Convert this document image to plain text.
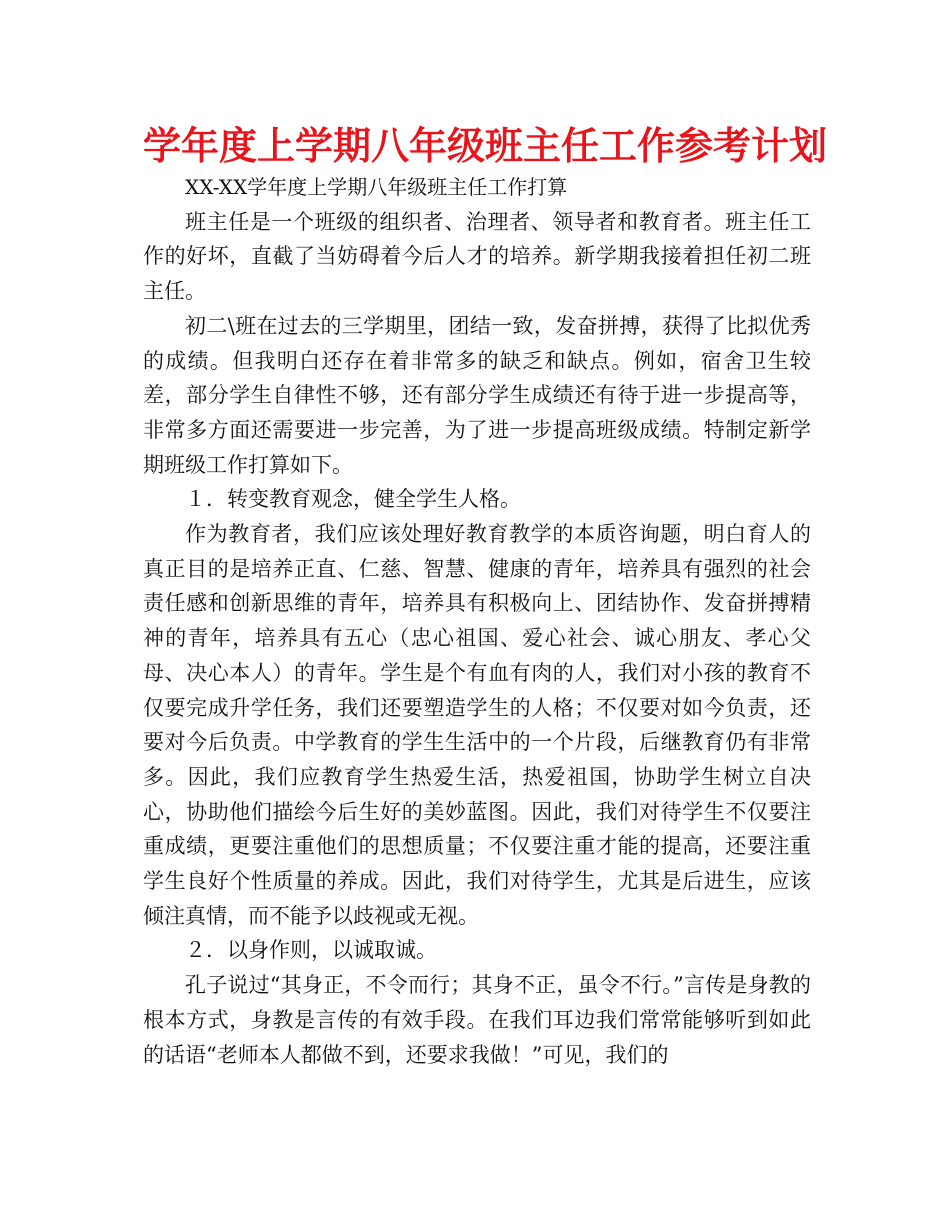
学年度上学期八年级班主任工作参考计划

XX-XX学年度上学期八年级班主任工作打算

班主任是一个班级的组织者、治理者、领导者和教育者。班主任工作的好坏，直截了当妨碍着今后人才的培养。新学期我接着担任初二班主任。

初二\班在过去的三学期里，团结一致，发奋拼搏，获得了比拟优秀的成绩。但我明白还存在着非常多的缺乏和缺点。例如，宿舍卫生较差，部分学生自律性不够，还有部分学生成绩还有待于进一步提高等，非常多方面还需要进一步完善，为了进一步提高班级成绩。特制定新学期班级工作打算如下。

１．转变教育观念，健全学生人格。

作为教育者，我们应该处理好教育教学的本质咨询题，明白育人的真正目的是培养正直、仁慈、智慧、健康的青年，培养具有强烈的社会责任感和创新思维的青年，培养具有积极向上、团结协作、发奋拼搏精神的青年，培养具有五心（忠心祖国、爱心社会、诚心朋友、孝心父母、决心本人）的青年。学生是个有血有肉的人，我们对小孩的教育不仅要完成升学任务，我们还要塑造学生的人格；不仅要对如今负责，还要对今后负责。中学教育的学生生活中的一个片段，后继教育仍有非常多。因此，我们应教育学生热爱生活，热爱祖国，协助学生树立自决心，协助他们描绘今后生好的美妙蓝图。因此，我们对待学生不仅要注重成绩，更要注重他们的思想质量；不仅要注重才能的提高，还要注重学生良好个性质量的养成。因此，我们对待学生，尤其是后进生，应该倾注真情，而不能予以歧视或无视。

２．以身作则，以诚取诚。

孔子说过“其身正，不令而行；其身不正，虽令不行。”言传是身教的根本方式，身教是言传的有效手段。在我们耳边我们常常能够听到如此的话语“老师本人都做不到，还要求我做！”可见，我们的
